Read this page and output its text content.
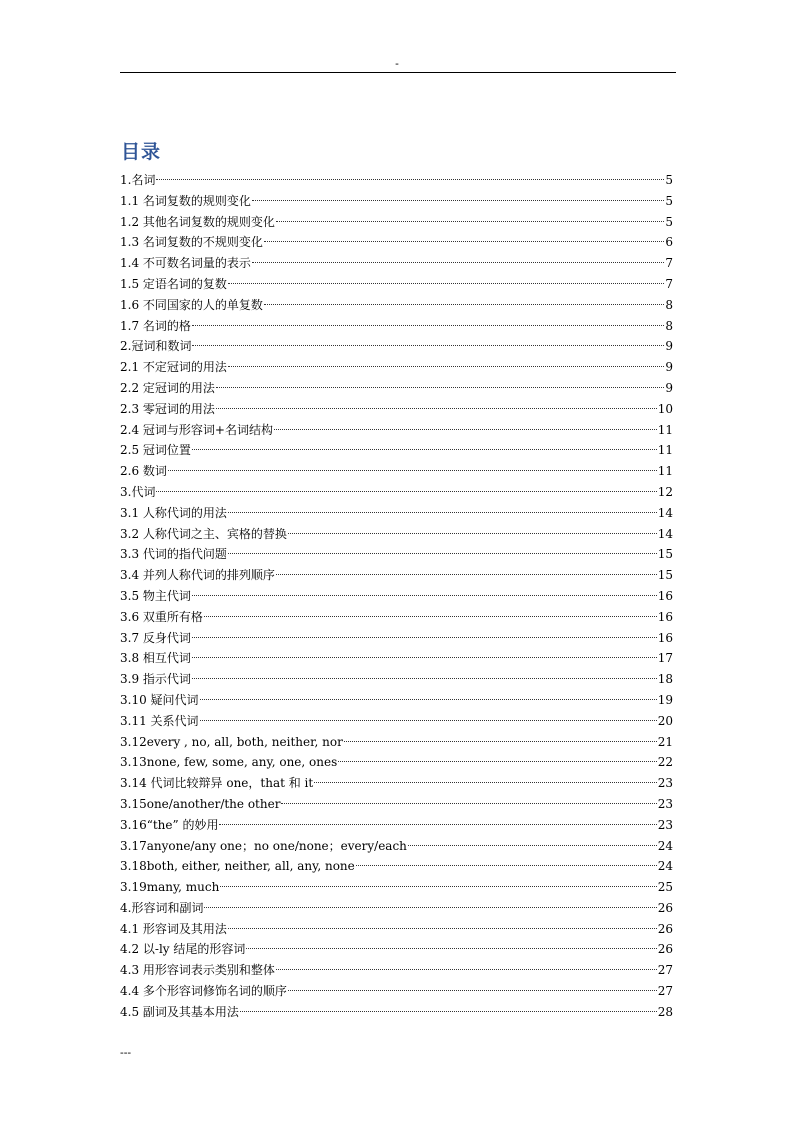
-
目录
1.名词	5
1.1 名词复数的规则变化	5
1.2 其他名词复数的规则变化	5
1.3 名词复数的不规则变化	6
1.4 不可数名词量的表示	7
1.5 定语名词的复数	7
1.6 不同国家的人的单复数	8
1.7 名词的格	8
2.冠词和数词	9
2.1 不定冠词的用法	9
2.2 定冠词的用法	9
2.3 零冠词的用法	10
2.4 冠词与形容词+名词结构	11
2.5 冠词位置	11
2.6 数词	11
3.代词	12
3.1 人称代词的用法	14
3.2 人称代词之主、宾格的替换	14
3.3 代词的指代问题	15
3.4 并列人称代词的排列顺序	15
3.5 物主代词	16
3.6 双重所有格	16
3.7 反身代词	16
3.8 相互代词	17
3.9 指示代词	18
3.10 疑问代词	19
3.11 关系代词	20
3.12every , no, all, both, neither, nor	21
3.13none, few, some, any, one, ones	22
3.14 代词比较辩异 one，that 和 it	23
3.15one/another/the other	23
3.16“the” 的妙用	23
3.17anyone/any one；no one/none；every/each	24
3.18both, either, neither, all, any, none	24
3.19many, much	25
4.形容词和副词	26
4.1 形容词及其用法	26
4.2 以-ly 结尾的形容词	26
4.3 用形容词表示类别和整体	27
4.4 多个形容词修饰名词的顺序	27
4.5 副词及其基本用法	28
---
